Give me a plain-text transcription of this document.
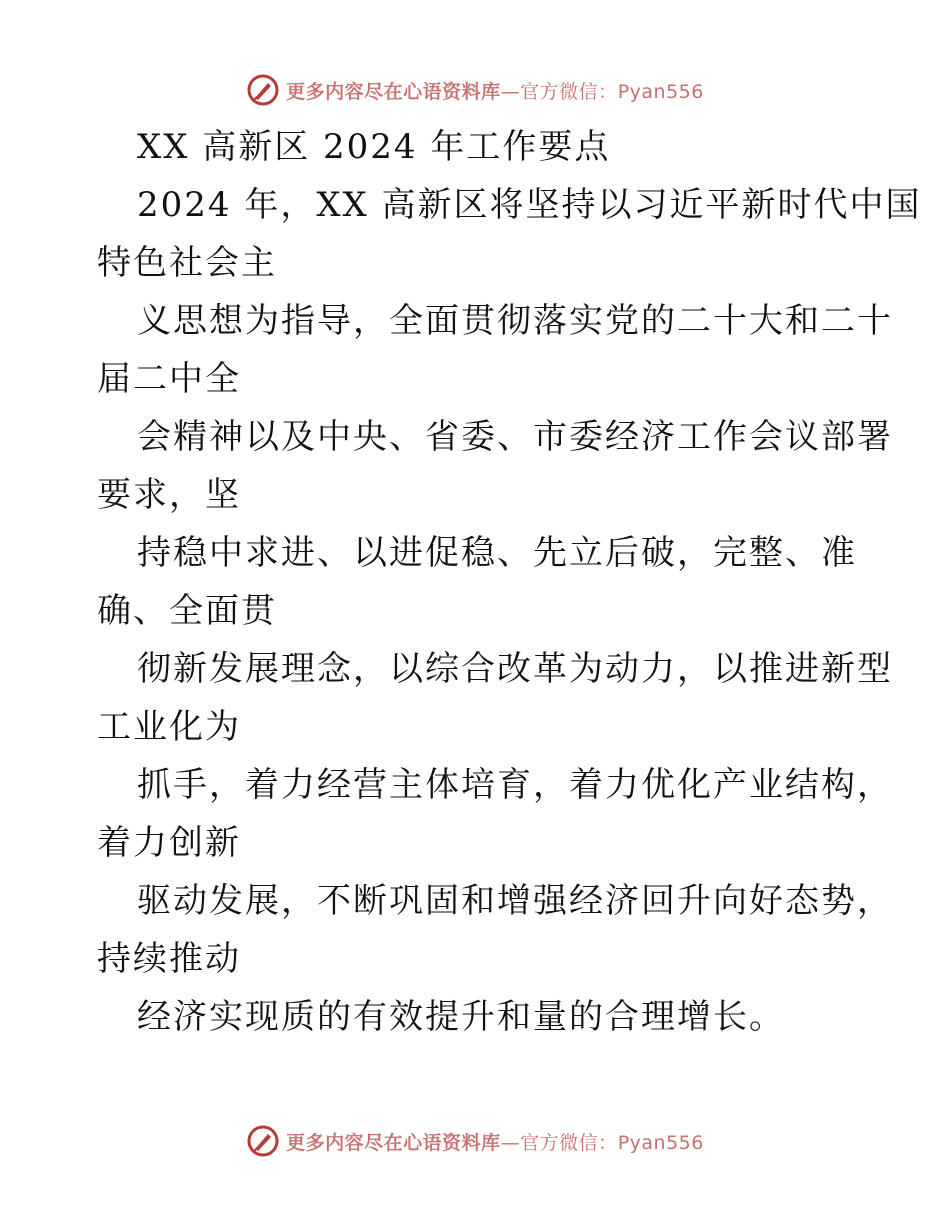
更多内容尽在心语资料库—官方微信：Pyan556
XX 高新区 2024 年工作要点
2024 年，XX 高新区将坚持以习近平新时代中国
特色社会主
义思想为指导，全面贯彻落实党的二十大和二十
届二中全
会精神以及中央、省委、市委经济工作会议部署
要求，坚
持稳中求进、以进促稳、先立后破，完整、准
确、全面贯
彻新发展理念，以综合改革为动力，以推进新型
工业化为
抓手，着力经营主体培育，着力优化产业结构，
着力创新
驱动发展，不断巩固和增强经济回升向好态势，
持续推动
经济实现质的有效提升和量的合理增长。
更多内容尽在心语资料库—官方微信：Pyan556
